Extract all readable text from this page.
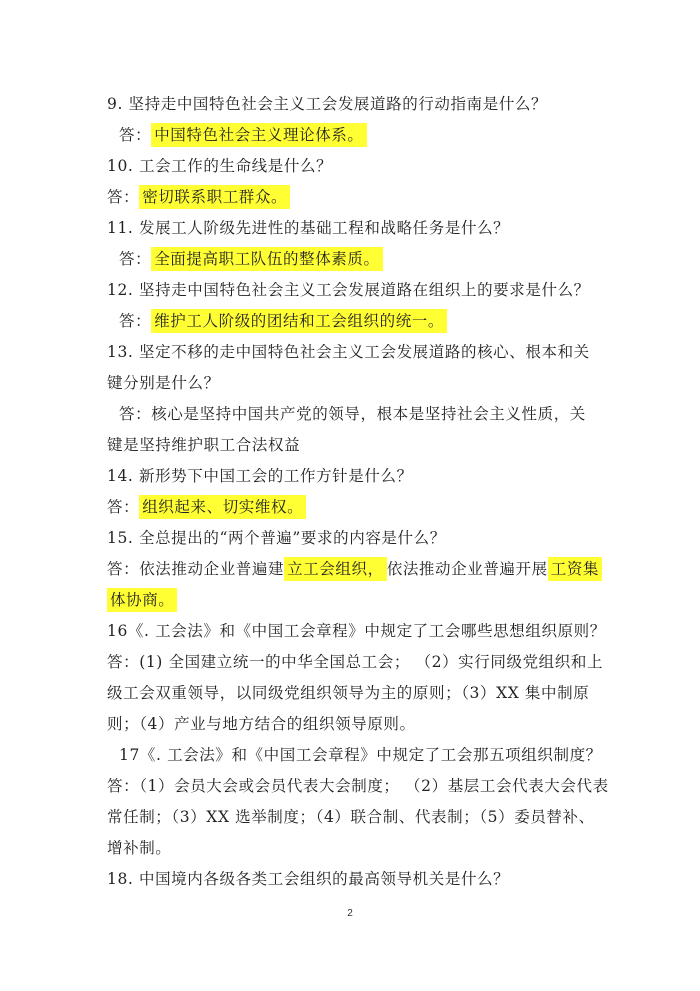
9. 坚持走中国特色社会主义工会发展道路的行动指南是什么？
答： 中国特色社会主义理论体系。
10. 工会工作的生命线是什么？
答： 密切联系职工群众。
11. 发展工人阶级先进性的基础工程和战略任务是什么？
答： 全面提高职工队伍的整体素质。
12. 坚持走中国特色社会主义工会发展道路在组织上的要求是什么？
答： 维护工人阶级的团结和工会组织的统一。
13. 坚定不移的走中国特色社会主义工会发展道路的核心、根本和关
键分别是什么？
答：核心是坚持中国共产党的领导，根本是坚持社会主义性质，关
键是坚持维护职工合法权益
14. 新形势下中国工会的工作方针是什么？
答： 组织起来、切实维权。
15. 全总提出的“两个普遍”要求的内容是什么？
答：依法推动企业普遍建 立工会组织， 依法推动企业普遍开展 工资集
体协商。
16《. 工会法》和《中国工会章程》中规定了工会哪些思想组织原则？
答：(1) 全国建立统一的中华全国总工会； （2）实行同级党组织和上
级工会双重领导，以同级党组织领导为主的原则；（3）XX 集中制原
则；（4）产业与地方结合的组织领导原则。
17《. 工会法》和《中国工会章程》中规定了工会那五项组织制度？
答：（1）会员大会或会员代表大会制度； （2）基层工会代表大会代表
常任制；（3）XX 选举制度；（4）联合制、代表制；（5）委员替补、
增补制。
18. 中国境内各级各类工会组织的最高领导机关是什么？
2
